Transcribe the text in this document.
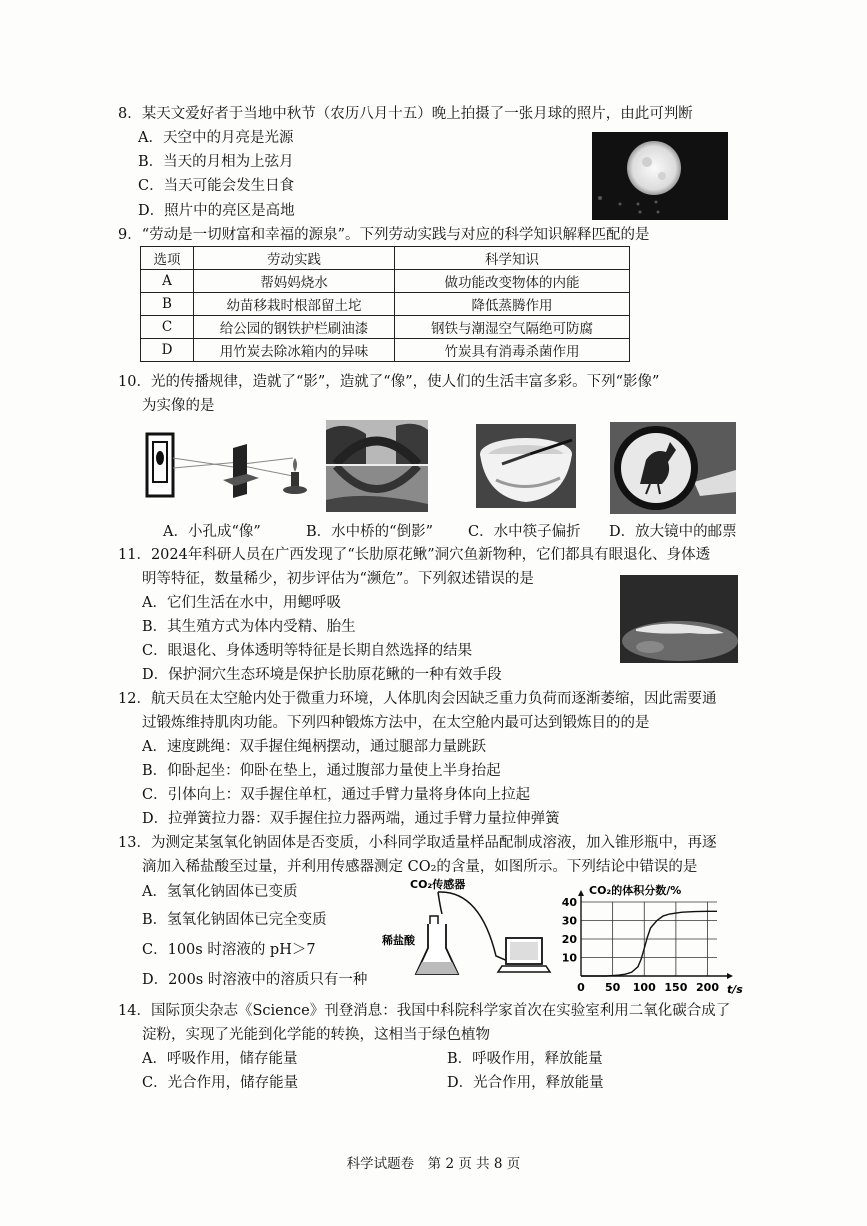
8．某天文爱好者于当地中秋节（农历八月十五）晚上拍摄了一张月球的照片，由此可判断
A．天空中的月亮是光源
B．当天的月相为上弦月
C．当天可能会发生日食
D．照片中的亮区是高地
9．“劳动是一切财富和幸福的源泉”。下列劳动实践与对应的科学知识解释匹配的是
选项	劳动实践	科学知识
A	帮妈妈烧水	做功能改变物体的内能
B	幼苗移栽时根部留土坨	降低蒸腾作用
C	给公园的钢铁护栏刷油漆	钢铁与潮湿空气隔绝可防腐
D	用竹炭去除冰箱内的异味	竹炭具有消毒杀菌作用
10．光的传播规律，造就了“影”，造就了“像”，使人们的生活丰富多彩。下列“影像”
为实像的是
A．小孔成“像”	B．水中桥的“倒影” C．水中筷子偏折 D．放大镜中的邮票
11．2024年科研人员在广西发现了“长肋原花鳅”洞穴鱼新物种，它们都具有眼退化、身体透
明等特征，数量稀少，初步评估为“濒危”。下列叙述错误的是
A．它们生活在水中，用鳃呼吸
B．其生殖方式为体内受精、胎生
C．眼退化、身体透明等特征是长期自然选择的结果
D．保护洞穴生态环境是保护长肋原花鳅的一种有效手段
12．航天员在太空舱内处于微重力环境，人体肌肉会因缺乏重力负荷而逐渐萎缩，因此需要通
过锻炼维持肌肉功能。下列四种锻炼方法中，在太空舱内最可达到锻炼目的的是
A．速度跳绳：双手握住绳柄摆动，通过腿部力量跳跃
B．仰卧起坐：仰卧在垫上，通过腹部力量使上半身抬起
C．引体向上：双手握住单杠，通过手臂力量将身体向上拉起
D．拉弹簧拉力器：双手握住拉力器两端，通过手臂力量拉伸弹簧
13．为测定某氢氧化钠固体是否变质，小科同学取适量样品配制成溶液，加入锥形瓶中，再逐
滴加入稀盐酸至过量，并利用传感器测定 CO₂的含量，如图所示。下列结论中错误的是
A．氢氧化钠固体已变质
B．氢氧化钠固体已完全变质
C．100s 时溶液的 pH＞7
D．200s 时溶液中的溶质只有一种
CO₂传感器
稀盐酸
CO₂的体积分数/%
10
20
30
40
0 50 100 150 200 t/s
14．国际顶尖杂志《Science》刊登消息：我国中科院科学家首次在实验室利用二氧化碳合成了
淀粉，实现了光能到化学能的转换，这相当于绿色植物
A．呼吸作用，储存能量	B．呼吸作用，释放能量
C．光合作用，储存能量	D．光合作用，释放能量
科学试题卷　第 2 页 共 8 页
